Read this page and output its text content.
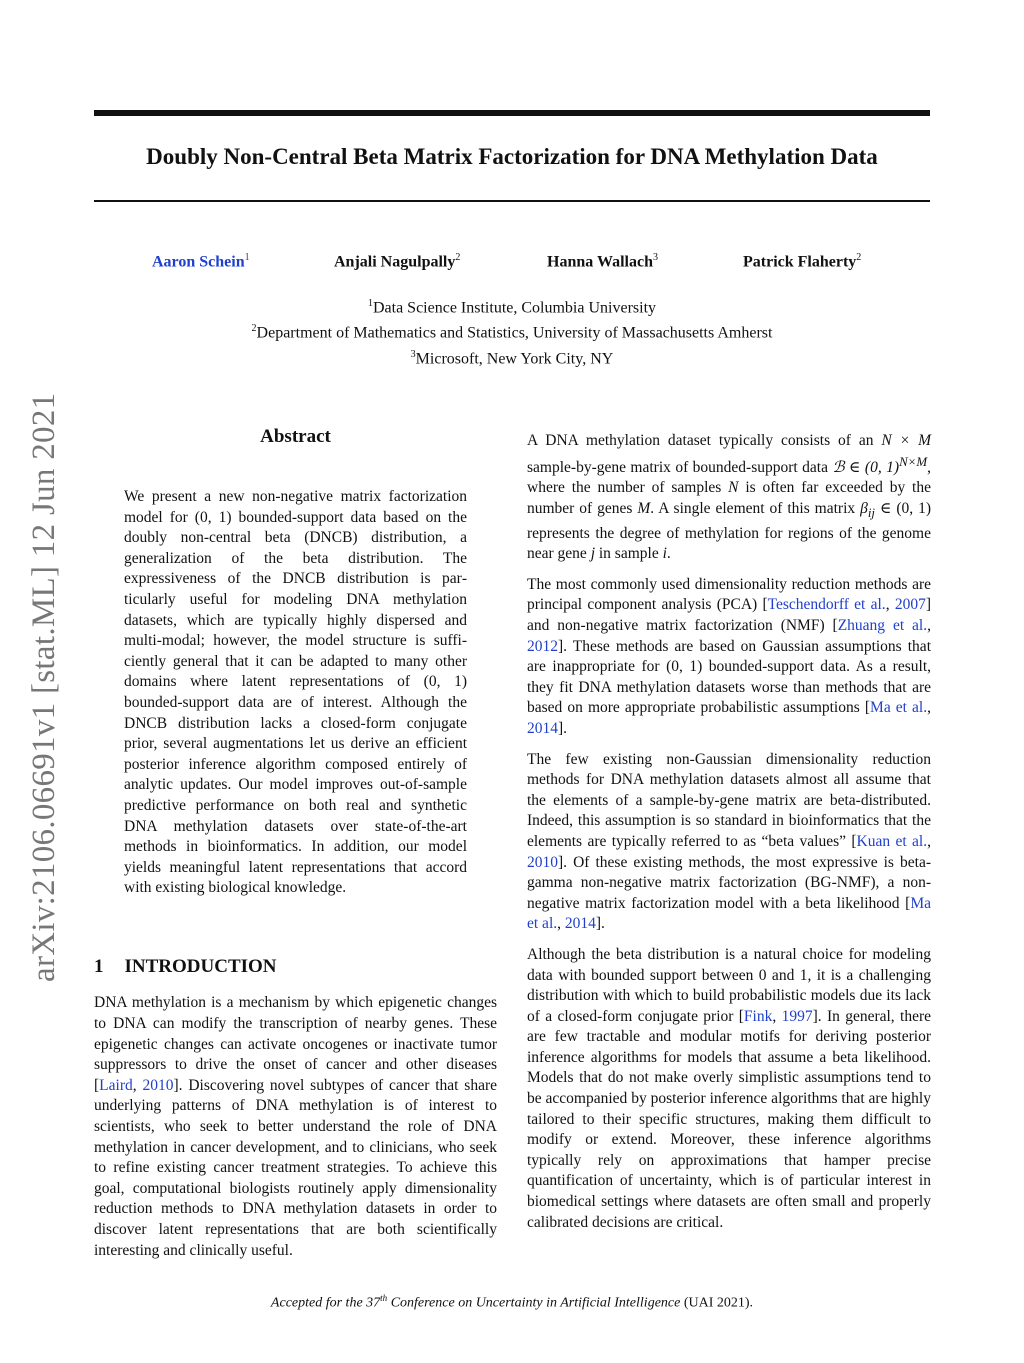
Doubly Non-Central Beta Matrix Factorization for DNA Methylation Data
Aaron Schein$^1$	Anjali Nagulpally$^2$	Hanna Wallach$^3$	Patrick Flaherty$^2$
$^1$Data Science Institute, Columbia University
$^2$Department of Mathematics and Statistics, University of Massachusetts Amherst
$^3$Microsoft, New York City, NY
arXiv:2106.06691v1 [stat.ML] 12 Jun 2021	Abstract

We present a new non-negative matrix factorization model for (0, 1) bounded-support data based on the doubly non-central beta (DNCB) distribution, a generalization of the beta distribution. The expressiveness of the DNCB distribution is particularly useful for modeling DNA methylation datasets, which are typically highly dispersed and multi-modal; however, the model structure is sufficiently general that it can be adapted to many other domains where latent representations of (0, 1) bounded-support data are of interest. Although the DNCB distribution lacks a closed-form conjugate prior, several augmentations let us derive an efficient posterior inference algorithm composed entirely of analytic updates. Our model improves out-of-sample predictive performance on both real and synthetic DNA methylation datasets over state-of-the-art methods in bioinformatics. In addition, our model yields meaningful latent representations that accord with existing biological knowledge.

1 INTRODUCTION

DNA methylation is a mechanism by which epigenetic changes to DNA can modify the transcription of nearby genes. These epigenetic changes can activate oncogenes or inactivate tumor suppressors to drive the onset of cancer and other diseases [Laird, 2010]. Discovering novel subtypes of cancer that share underlying patterns of DNA methylation is of interest to scientists, who seek to better understand the role of DNA methylation in cancer development, and to clinicians, who seek to refine existing cancer treatment strategies. To achieve this goal, computational biologists routinely apply dimensionality reduction methods to DNA methylation datasets in order to discover latent representations that are both scientifically interesting and clinically useful.

A DNA methylation dataset typically consists of an N × M sample-by-gene matrix of bounded-support data ℬ ∈ (0, 1)$^{N\times M}$, where the number of samples N is often far exceeded by the number of genes M. A single element of this matrix $\beta_{ij}$ ∈ (0, 1) represents the degree of methylation for regions of the genome near gene j in sample i.

The most commonly used dimensionality reduction methods are principal component analysis (PCA) [Teschendorff et al., 2007] and non-negative matrix factorization (NMF) [Zhuang et al., 2012]. These methods are based on Gaussian assumptions that are inappropriate for (0, 1) bounded-support data. As a result, they fit DNA methylation datasets worse than methods that are based on more appropriate probabilistic assumptions [Ma et al., 2014].

The few existing non-Gaussian dimensionality reduction methods for DNA methylation datasets almost all assume that the elements of a sample-by-gene matrix are beta-distributed. Indeed, this assumption is so standard in bioinformatics that the elements are typically referred to as “beta values” [Kuan et al., 2010]. Of these existing methods, the most expressive is beta-gamma non-negative matrix factorization (BG-NMF), a non-negative matrix factorization model with a beta likelihood [Ma et al., 2014].

Although the beta distribution is a natural choice for modeling data with bounded support between 0 and 1, it is a challenging distribution with which to build probabilistic models due its lack of a closed-form conjugate prior [Fink, 1997]. In general, there are few tractable and modular motifs for deriving posterior inference algorithms for models that assume a beta likelihood. Models that do not make overly simplistic assumptions tend to be accompanied by posterior inference algorithms that are highly tailored to their specific structures, making them difficult to modify or extend. Moreover, these inference algorithms typically rely on approximations that hamper precise quantification of uncertainty, which is of particular interest in biomedical settings where datasets are often small and properly calibrated decisions are critical.

Accepted for the 37th Conference on Uncertainty in Artificial Intelligence (UAI 2021).
